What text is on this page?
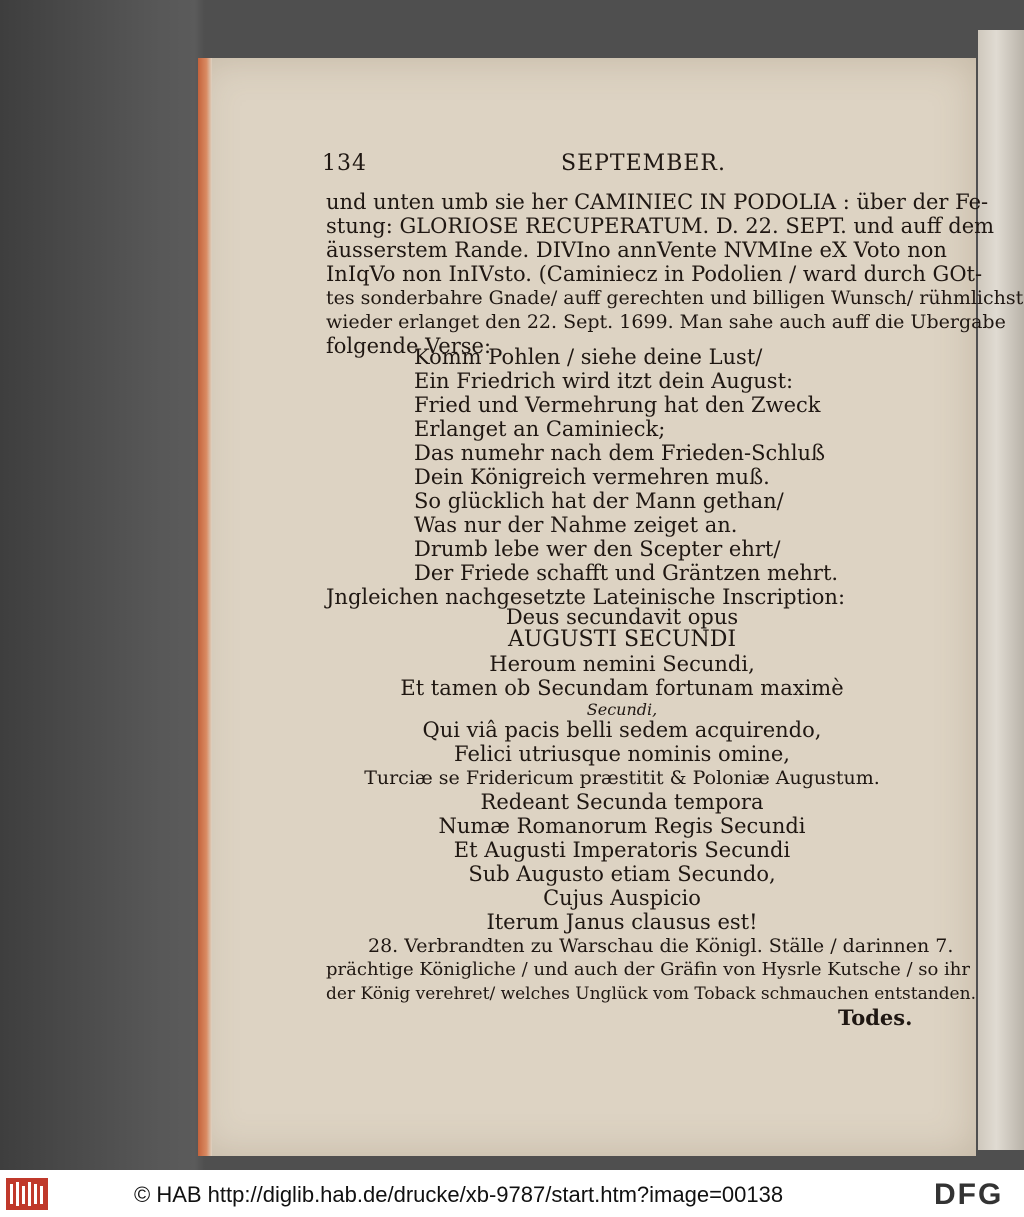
134	SEPTEMBER.
und unten umb sie her CAMINIEC IN PODOLIA : über der Fe-
stung: GLORIOSE RECUPERATUM. D. 22. SEPT. und auff dem
äusserstem Rande. DIVIno annVente NVMIne eX Voto non
InIqVo non InIVsto. (Caminiecz in Podolien / ward durch GOt-
tes sonderbahre Gnade/ auff gerechten und billigen Wunsch/ rühmlichst
wieder erlanget den 22. Sept. 1699. Man sahe auch auff die Ubergabe
folgende Verse:
Komm Pohlen / siehe deine Lust/
Ein Friedrich wird itzt dein August:
Fried und Vermehrung hat den Zweck
Erlanget an Caminieck;
Das numehr nach dem Frieden-Schluß
Dein Königreich vermehren muß.
So glücklich hat der Mann gethan/
Was nur der Nahme zeiget an.
Drumb lebe wer den Scepter ehrt/
Der Friede schafft und Gräntzen mehrt.
Jngleichen nachgesetzte Lateinische Inscription:
Deus secundavit opus
AUGUSTI SECUNDI
Heroum nemini Secundi,
Et tamen ob Secundam fortunam maximè
Secundi,
Qui viâ pacis belli sedem acquirendo,
Felici utriusque nominis omine,
Turciæ se Fridericum præstitit & Poloniæ Augustum.
Redeant Secunda tempora
Numæ Romanorum Regis Secundi
Et Augusti Imperatoris Secundi
Sub Augusto etiam Secundo,
Cujus Auspicio
Iterum Janus clausus est!
28. Verbrandten zu Warschau die Königl. Ställe / darinnen 7.
prächtige Königliche / und auch der Gräfin von Hysrle Kutsche / so ihr
der König verehret/ welches Unglück vom Toback schmauchen entstanden.
Todes.
© HAB http://diglib.hab.de/drucke/xb-9787/start.htm?image=00138	DFG
